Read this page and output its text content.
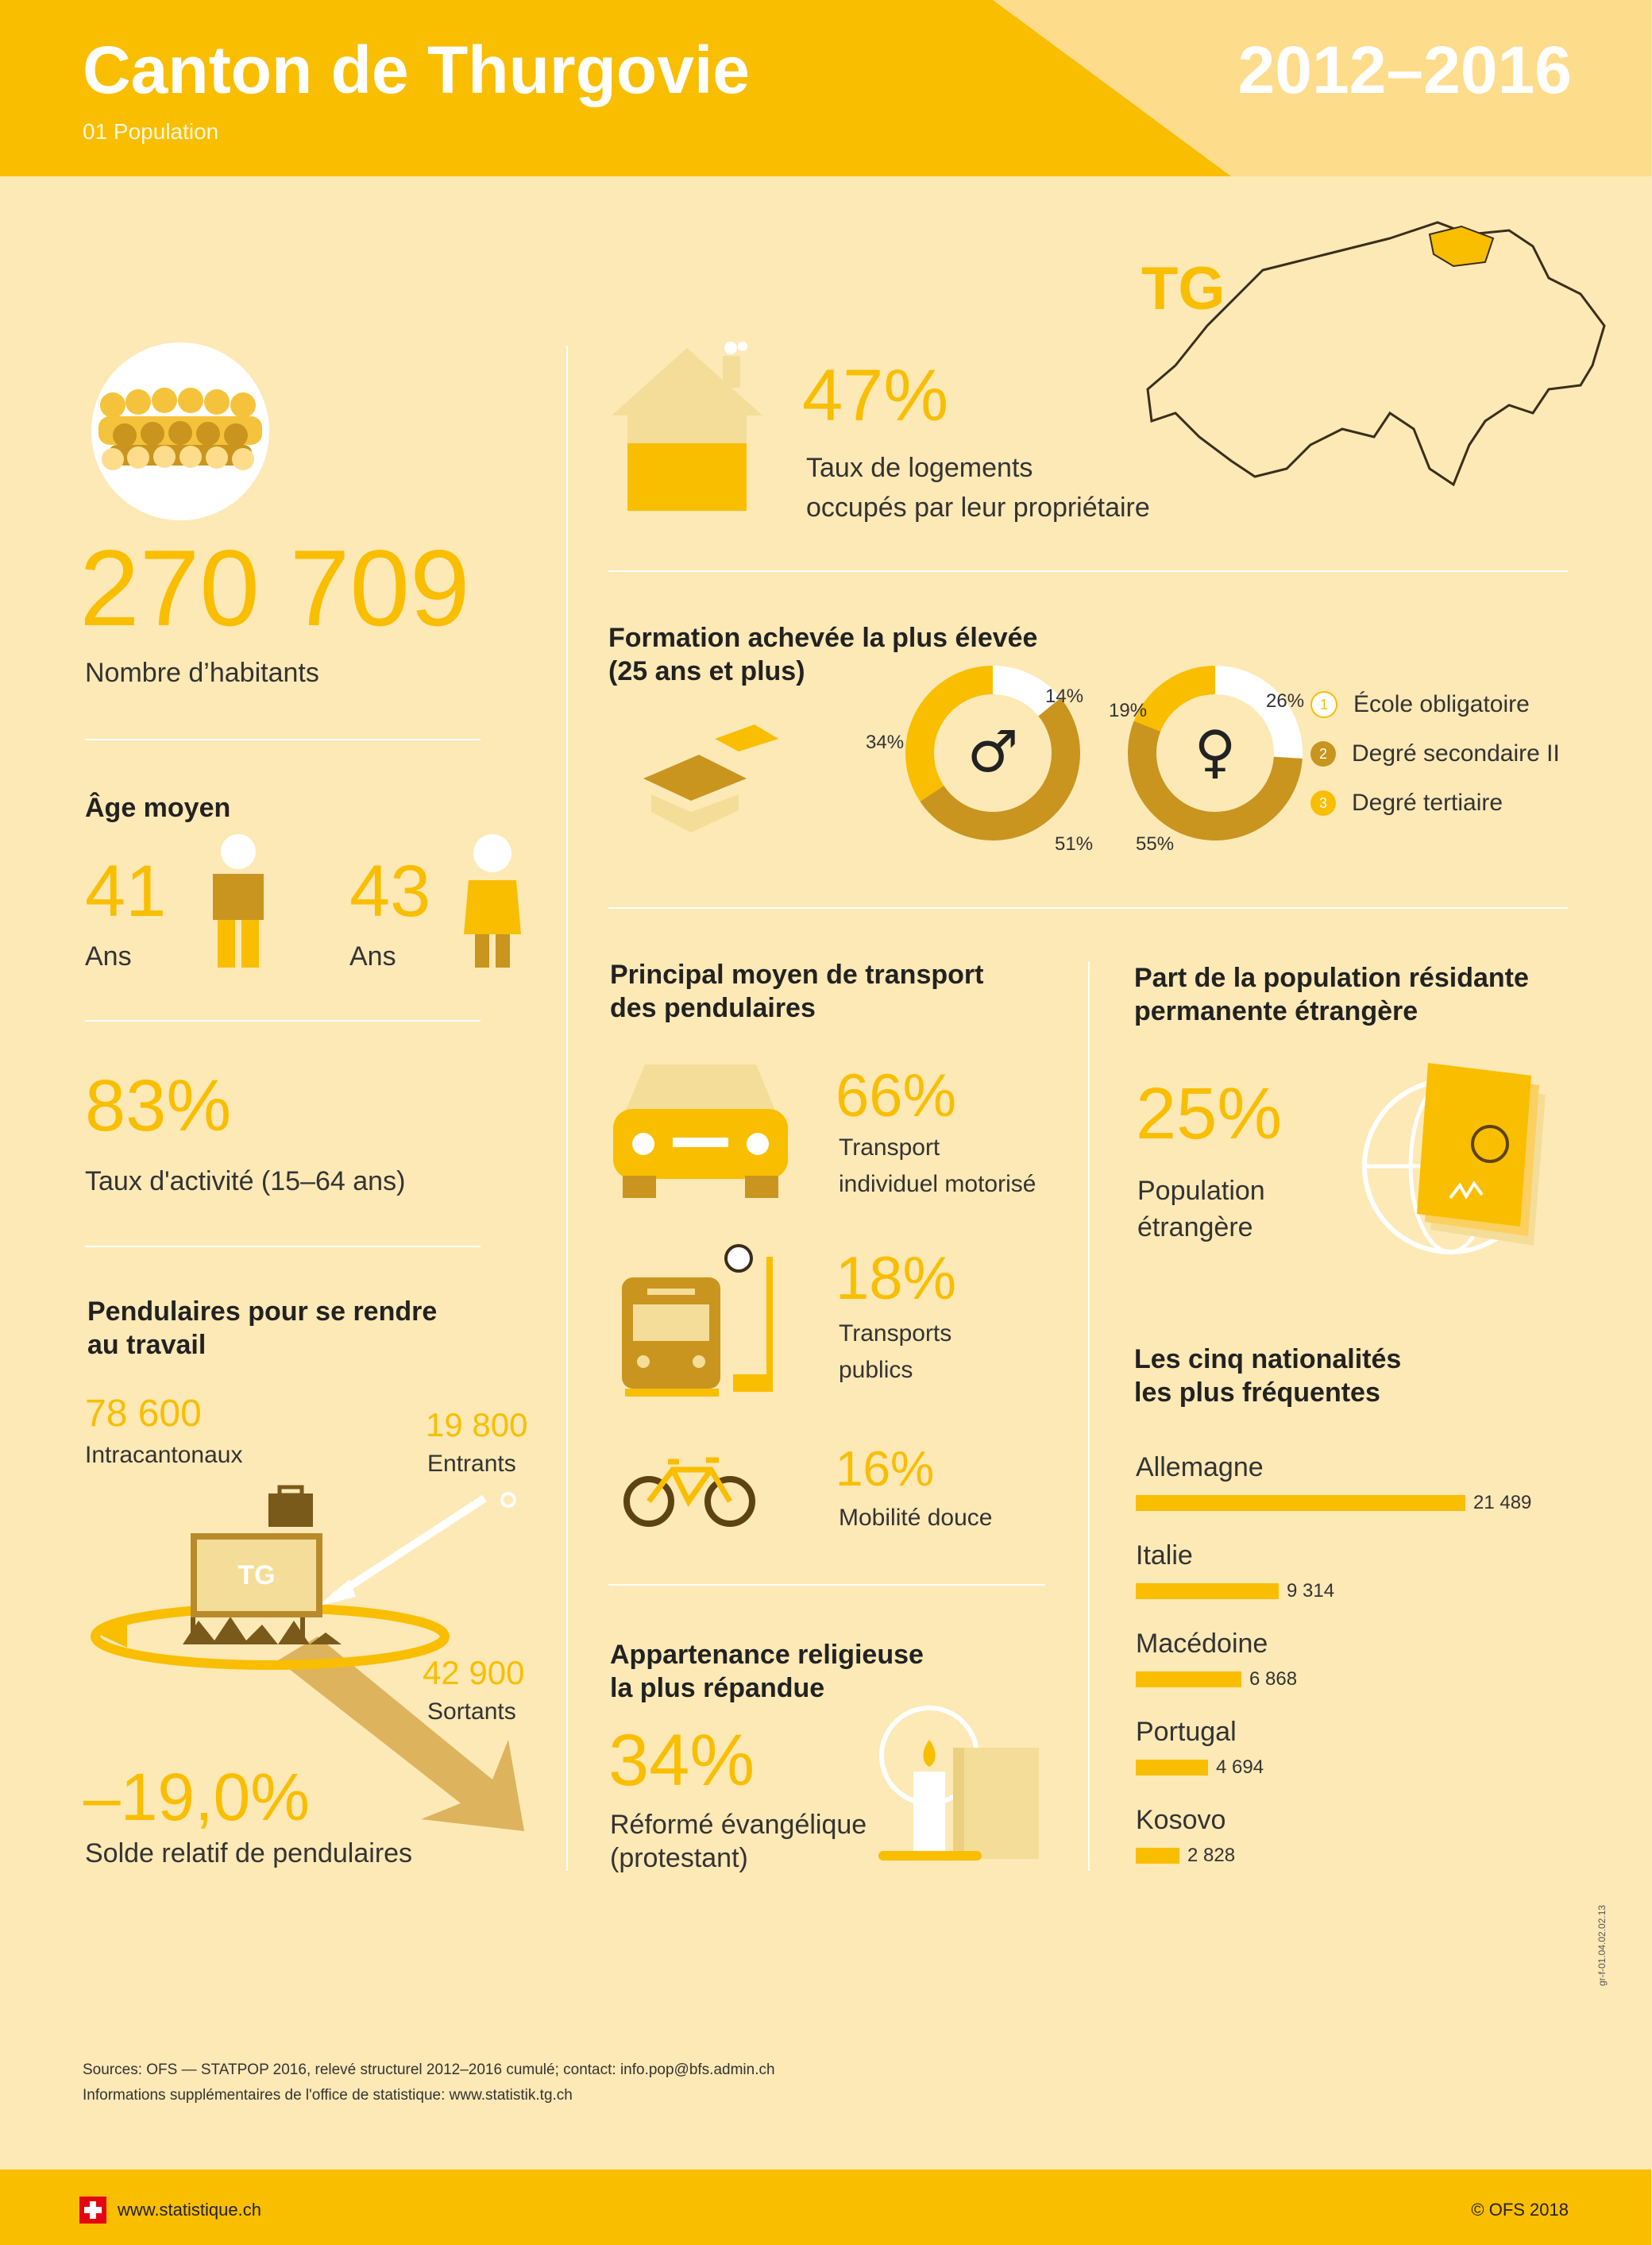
Canton de Thurgovie
01 Population
2012–2016
TG
270 709
Nombre d’habitants
Âge moyen
41
Ans
43
Ans
83%
Taux d'activité (15–64 ans)
Pendulaires pour se rendre
au travail
78 600
Intracantonaux
19 800
Entrants
42 900
Sortants
TG
–19,0%
Solde relatif de pendulaires
47%
Taux de logements
occupés par leur propriétaire
Formation achevée la plus élevée
(25 ans et plus)
♂	♀
14%
51%
34%
26%
55%
19%	1	École obligatoire
2	Degré secondaire II
3	Degré tertiaire
Principal moyen de transport
des pendulaires
66%
Transport
individuel motorisé
18%
Transports
publics
16%
Mobilité douce
Appartenance religieuse
la plus répandue
34%
Réformé évangélique
(protestant)
Part de la population résidante
permanente étrangère
25%
Population
étrangère
Les cinq nationalités
les plus fréquentes
Allemagne
21 489
Italie
9 314
Macédoine
6 868
Portugal
4 694
Kosovo
2 828
Sources: OFS — STATPOP 2016, relevé structurel 2012–2016 cumulé; contact: info.pop@bfs.admin.ch
Informations supplémentaires de l'office de statistique: www.statistik.tg.ch
gr-f-01.04.02.02.13
www.statistique.ch	© OFS 2018
